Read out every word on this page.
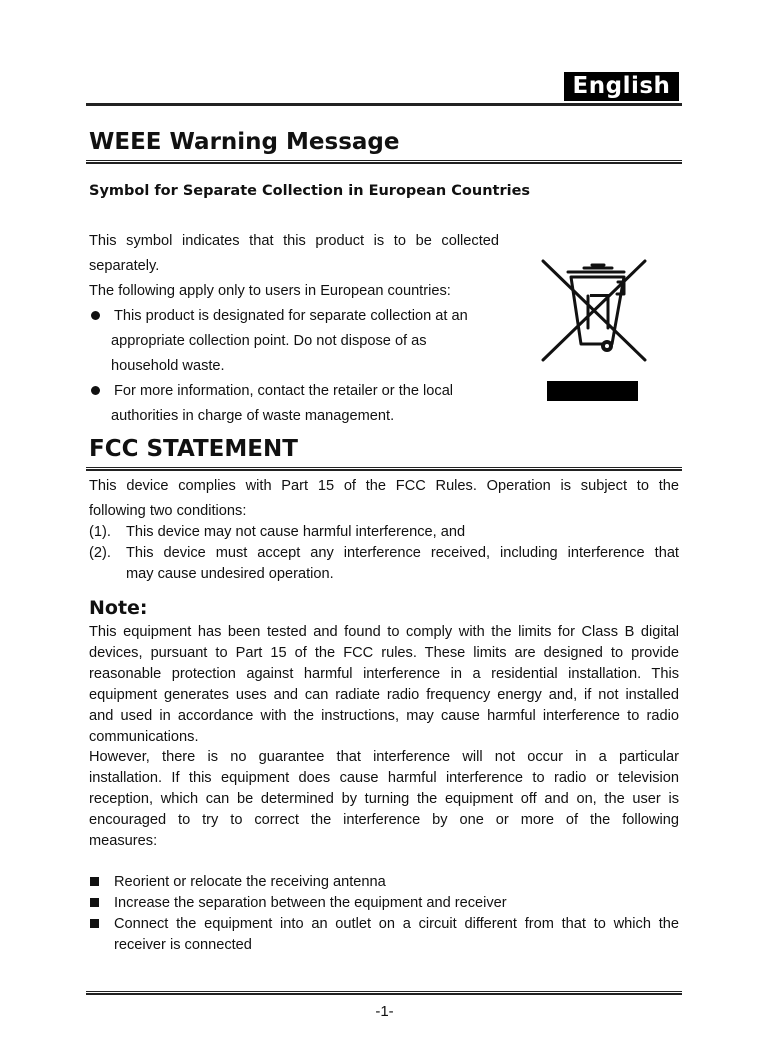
English
WEEE Warning Message
Symbol for Separate Collection in European Countries
This symbol indicates that this product is to be collected
separately.
The following apply only to users in European countries:
This product is designated for separate collection at an
appropriate collection point. Do not dispose of as
household waste.
For more information, contact the retailer or the local
authorities in charge of waste management.
FCC STATEMENT
This device complies with Part 15 of the FCC Rules. Operation is subject to the
following two conditions:
(1). This device may not cause harmful interference, and
(2). This device must accept any interference received, including interference that
may cause undesired operation.
Note:
This equipment has been tested and found to comply with the limits for Class B digital
devices, pursuant to Part 15 of the FCC rules. These limits are designed to provide
reasonable protection against harmful interference in a residential installation. This
equipment generates uses and can radiate radio frequency energy and, if not installed
and used in accordance with the instructions, may cause harmful interference to radio
communications.
However, there is no guarantee that interference will not occur in a particular
installation. If this equipment does cause harmful interference to radio or television
reception, which can be determined by turning the equipment off and on, the user is
encouraged to try to correct the interference by one or more of the following
measures:
Reorient or relocate the receiving antenna
Increase the separation between the equipment and receiver
Connect the equipment into an outlet on a circuit different from that to which the
receiver is connected
-1-
